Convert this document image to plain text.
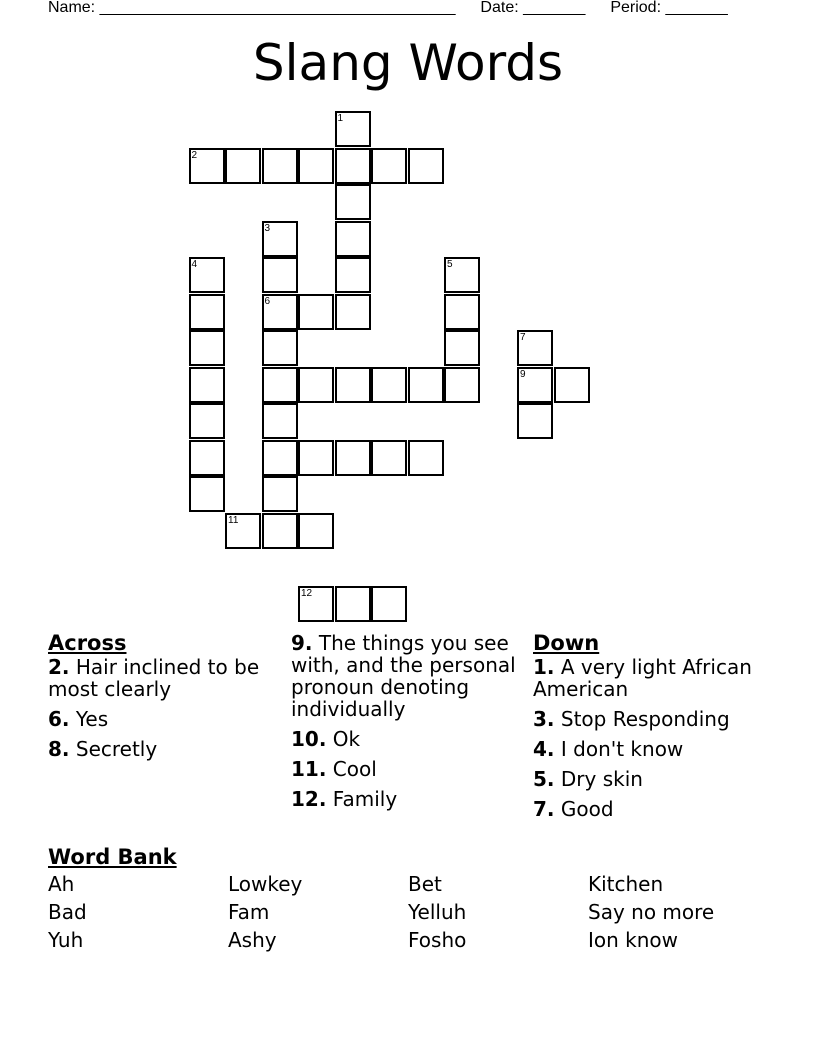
Name: ________________________________________ Date: _______ Period: _______
Slang Words
1
2
3
4	5
6
7
9
11
12
Across
2. Hair inclined to be most clearly
6. Yes
8. Secretly
9. The things you see with, and the personal pronoun denoting individually
10. Ok
11. Cool
12. Family
Down
1. A very light African American
3. Stop Responding
4. I don't know
5. Dry skin
7. Good
Word Bank
Ah	Lowkey	Bet	Kitchen
Bad	Fam	Yelluh	Say no more
Yuh	Ashy	Fosho	Ion know
